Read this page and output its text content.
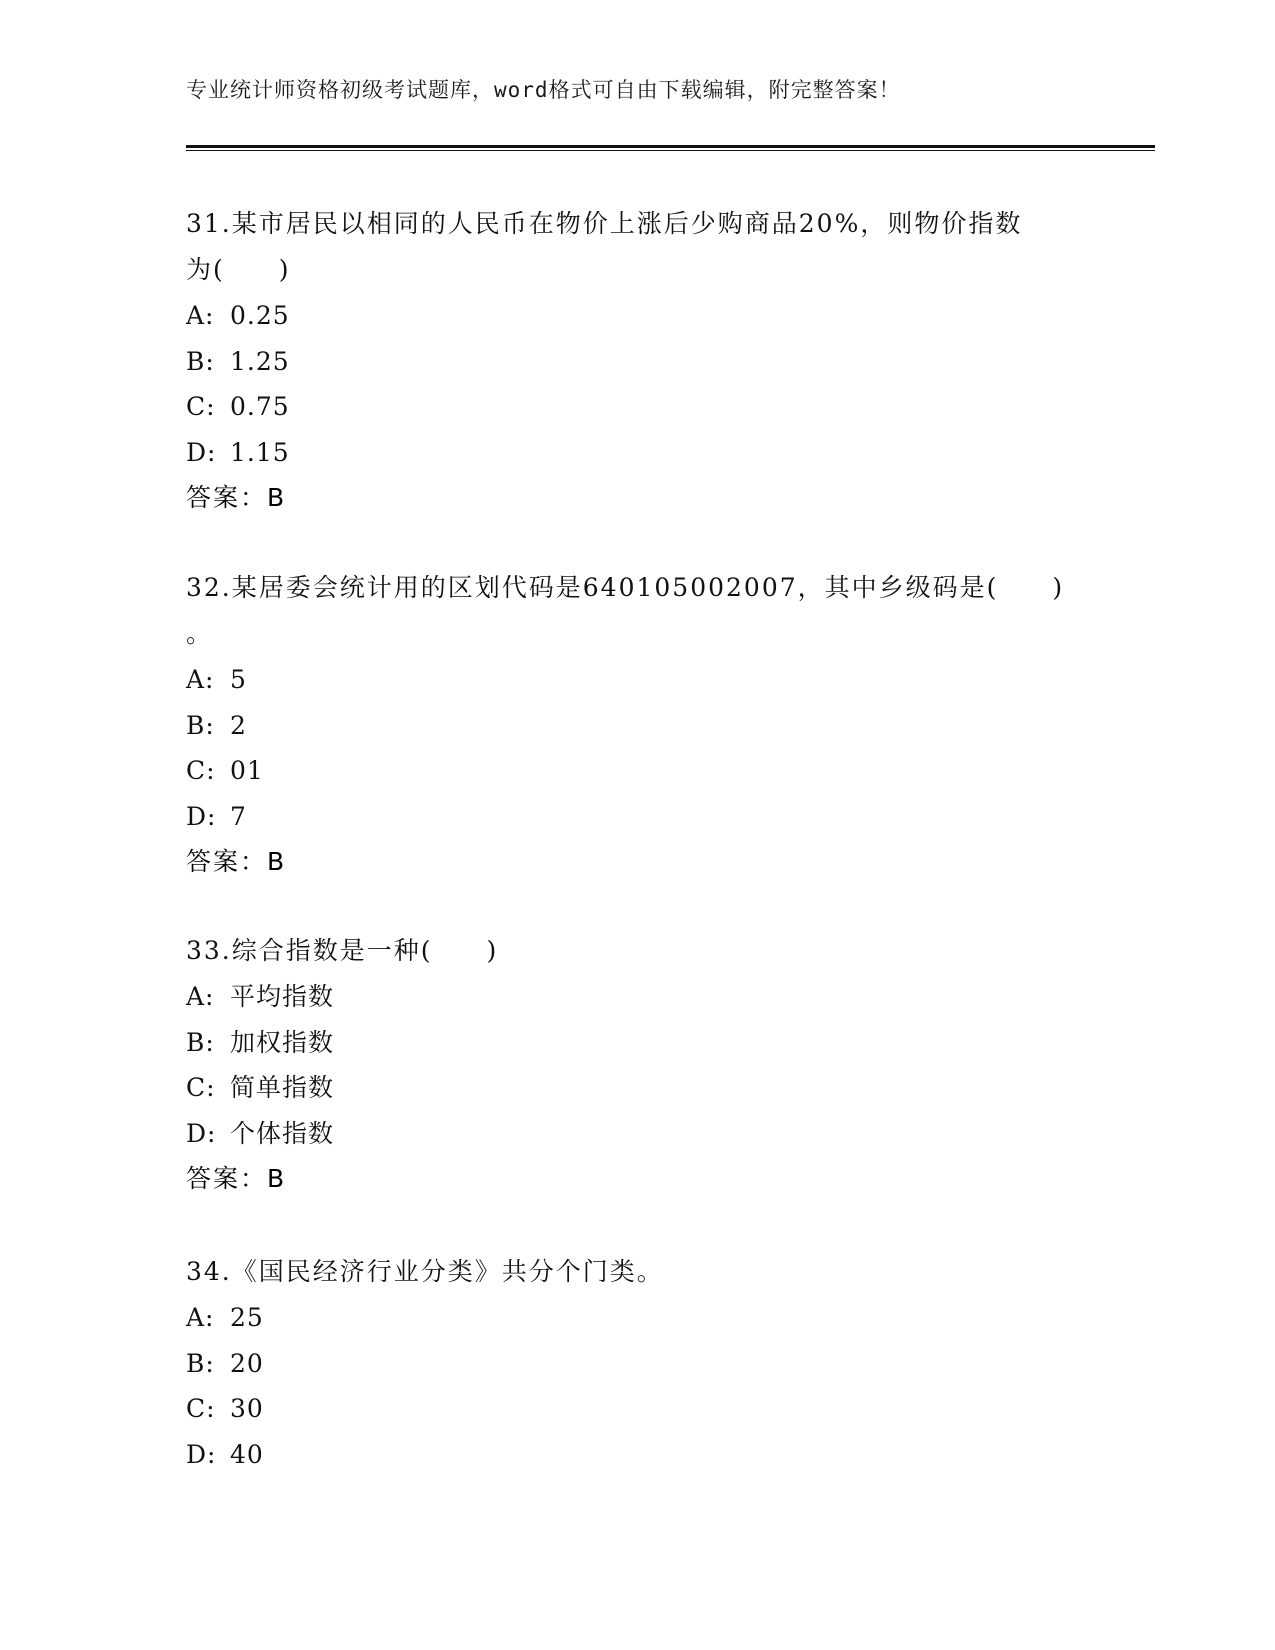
专业统计师资格初级考试题库，word格式可自由下载编辑，附完整答案！
31.某市居民以相同的人民币在物价上涨后少购商品20%，则物价指数
为(　　)
A: 0.25
B: 1.25
C: 0.75
D: 1.15
答案：B
32.某居委会统计用的区划代码是640105002007，其中乡级码是(　　)
。
A: 5
B: 2
C: 01
D: 7
答案：B
33.综合指数是一种(　　)
A: 平均指数
B: 加权指数
C: 简单指数
D: 个体指数
答案：B
34.《国民经济行业分类》共分个门类。
A: 25
B: 20
C: 30
D: 40
